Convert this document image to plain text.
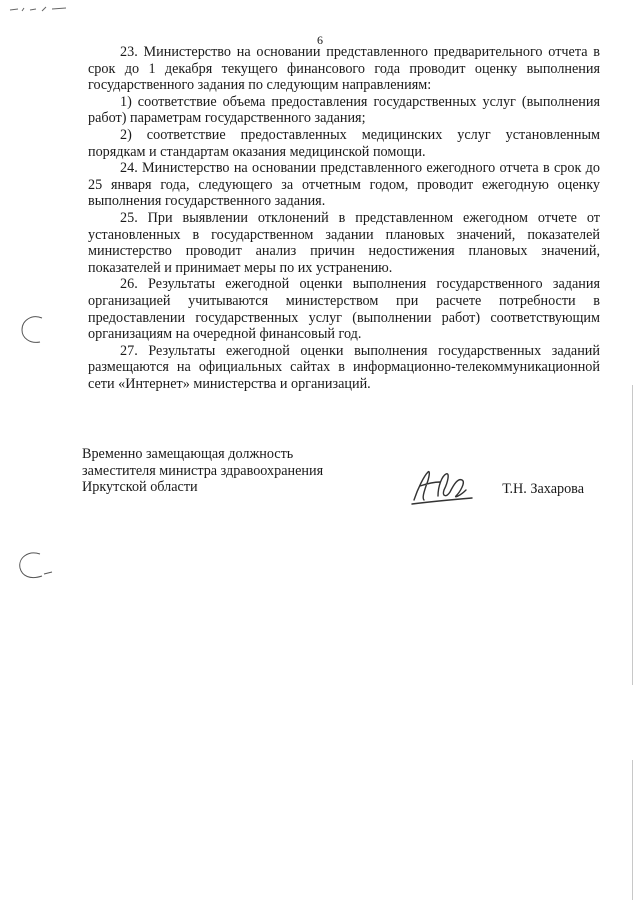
6

23. Министерство на основании представленного предварительного отчета в срок до 1 декабря текущего финансового года проводит оценку выполнения государственного задания по следующим направлениям:

1) соответствие объема предоставления государственных услуг (выполнения работ) параметрам государственного задания;

2) соответствие предоставленных медицинских услуг установленным порядкам и стандартам оказания медицинской помощи.

24. Министерство на основании представленного ежегодного отчета в срок до 25 января года, следующего за отчетным годом, проводит ежегодную оценку выполнения государственного задания.

25. При выявлении отклонений в представленном ежегодном отчете от установленных в государственном задании плановых значений, показателей министерство проводит анализ причин недостижения плановых значений, показателей и принимает меры по их устранению.

26. Результаты ежегодной оценки выполнения государственного задания организацией учитываются министерством при расчете потребности в предоставлении государственных услуг (выполнении работ) соответствующим организациям на очередной финансовый год.

27. Результаты ежегодной оценки выполнения государственных заданий размещаются на официальных сайтах в информационно-телекоммуникационной сети «Интернет» министерства и организаций.

Временно замещающая должность
заместителя министра здравоохранения
Иркутской области	Т.Н. Захарова
